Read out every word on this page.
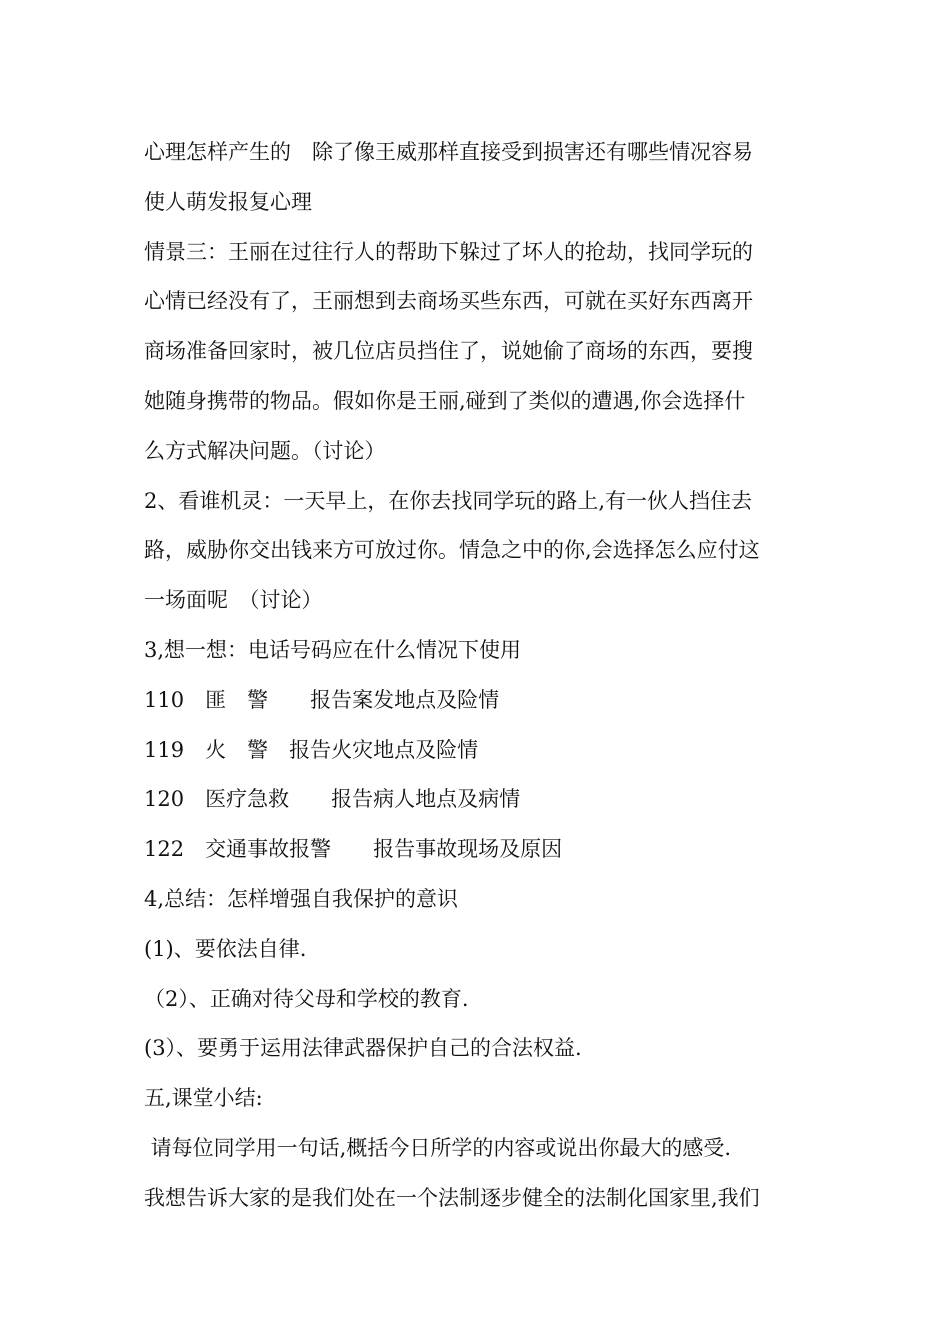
心理怎样产生的　除了像王威那样直接受到损害还有哪些情况容易
使人萌发报复心理
情景三：王丽在过往行人的帮助下躲过了坏人的抢劫，找同学玩的
心情已经没有了，王丽想到去商场买些东西，可就在买好东西离开
商场准备回家时，被几位店员挡住了，说她偷了商场的东西，要搜
她随身携带的物品。假如你是王丽,碰到了类似的遭遇,你会选择什
么方式解决问题。（讨论）
2、看谁机灵：一天早上，在你去找同学玩的路上,有一伙人挡住去
路，威胁你交出钱来方可放过你。情急之中的你,会选择怎么应付这
一场面呢　（讨论）
3,想一想：电话号码应在什么情况下使用
110　匪　警　　报告案发地点及险情
119　火　警　报告火灾地点及险情
120　医疗急救　　报告病人地点及病情
122　交通事故报警　　报告事故现场及原因
4,总结：怎样增强自我保护的意识
(1)、要依法自律.
（2）、正确对待父母和学校的教育.
(3）、要勇于运用法律武器保护自己的合法权益.
五,课堂小结:
请每位同学用一句话,概括今日所学的内容或说出你最大的感受.
我想告诉大家的是我们处在一个法制逐步健全的法制化国家里,我们
